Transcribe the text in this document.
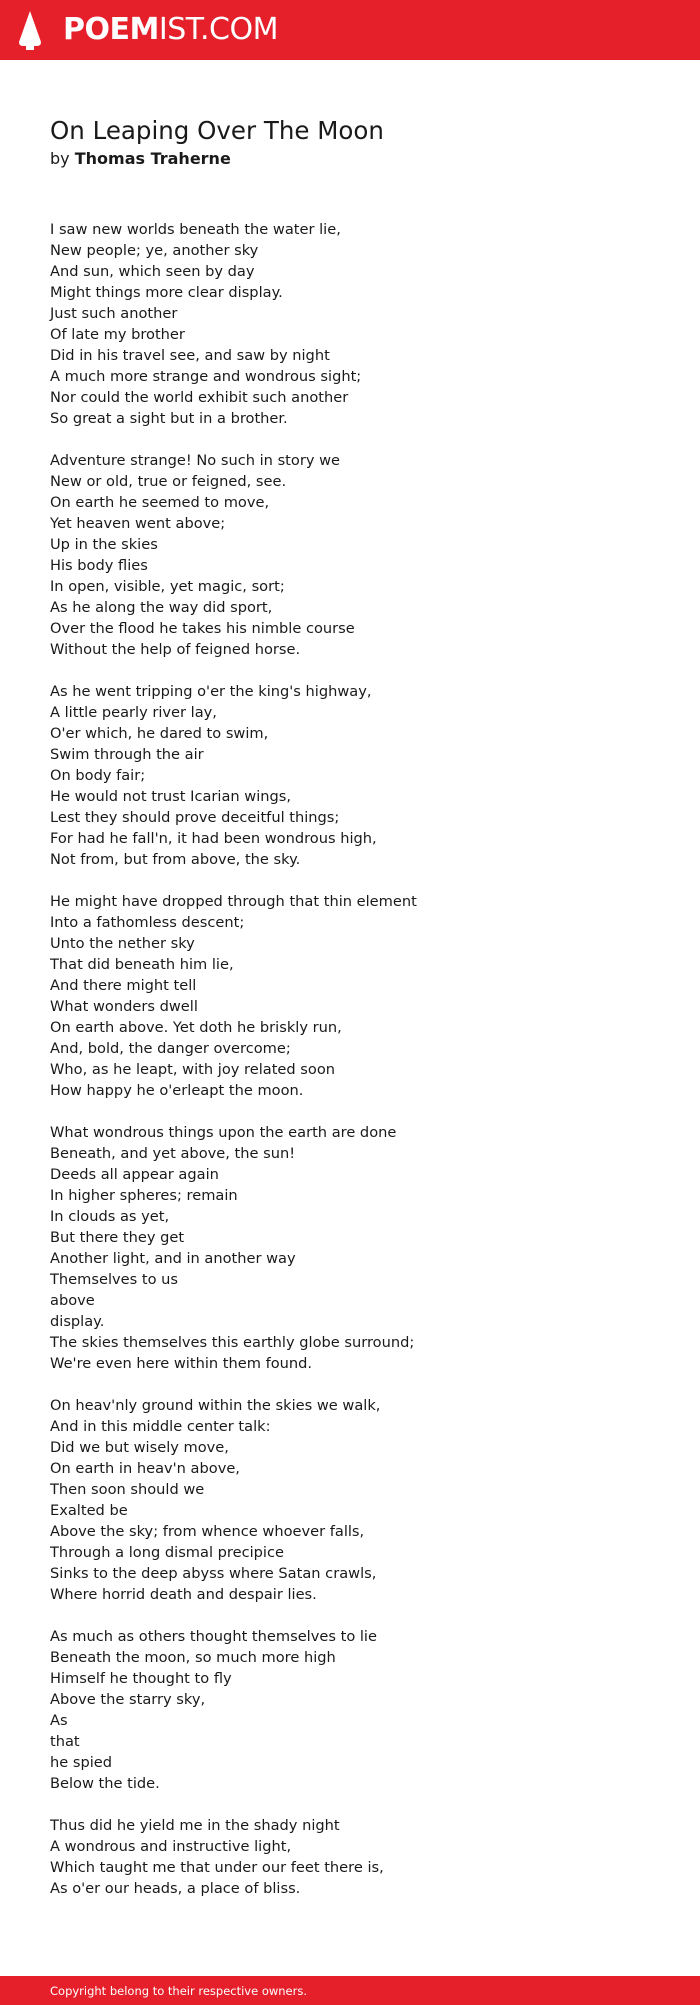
POEM IST.COM
On Leaping Over The Moon
by Thomas Traherne
I saw new worlds beneath the water lie,
New people; ye, another sky
And sun, which seen by day
Might things more clear display.
Just such another
Of late my brother
Did in his travel see, and saw by night
A much more strange and wondrous sight;
Nor could the world exhibit such another
So great a sight but in a brother.
Adventure strange! No such in story we
New or old, true or feigned, see.
On earth he seemed to move,
Yet heaven went above;
Up in the skies
His body flies
In open, visible, yet magic, sort;
As he along the way did sport,
Over the flood he takes his nimble course
Without the help of feigned horse.
As he went tripping o'er the king's highway,
A little pearly river lay,
O'er which, he dared to swim,
Swim through the air
On body fair;
He would not trust Icarian wings,
Lest they should prove deceitful things;
For had he fall'n, it had been wondrous high,
Not from, but from above, the sky.
He might have dropped through that thin element
Into a fathomless descent;
Unto the nether sky
That did beneath him lie,
And there might tell
What wonders dwell
On earth above. Yet doth he briskly run,
And, bold, the danger overcome;
Who, as he leapt, with joy related soon
How happy he o'erleapt the moon.
What wondrous things upon the earth are done
Beneath, and yet above, the sun!
Deeds all appear again
In higher spheres; remain
In clouds as yet,
But there they get
Another light, and in another way
Themselves to us
above
display.
The skies themselves this earthly globe surround;
We're even here within them found.
On heav'nly ground within the skies we walk,
And in this middle center talk:
Did we but wisely move,
On earth in heav'n above,
Then soon should we
Exalted be
Above the sky; from whence whoever falls,
Through a long dismal precipice
Sinks to the deep abyss where Satan crawls,
Where horrid death and despair lies.
As much as others thought themselves to lie
Beneath the moon, so much more high
Himself he thought to fly
Above the starry sky,
As
that
he spied
Below the tide.
Thus did he yield me in the shady night
A wondrous and instructive light,
Which taught me that under our feet there is,
As o'er our heads, a place of bliss.
Copyright belong to their respective owners.
